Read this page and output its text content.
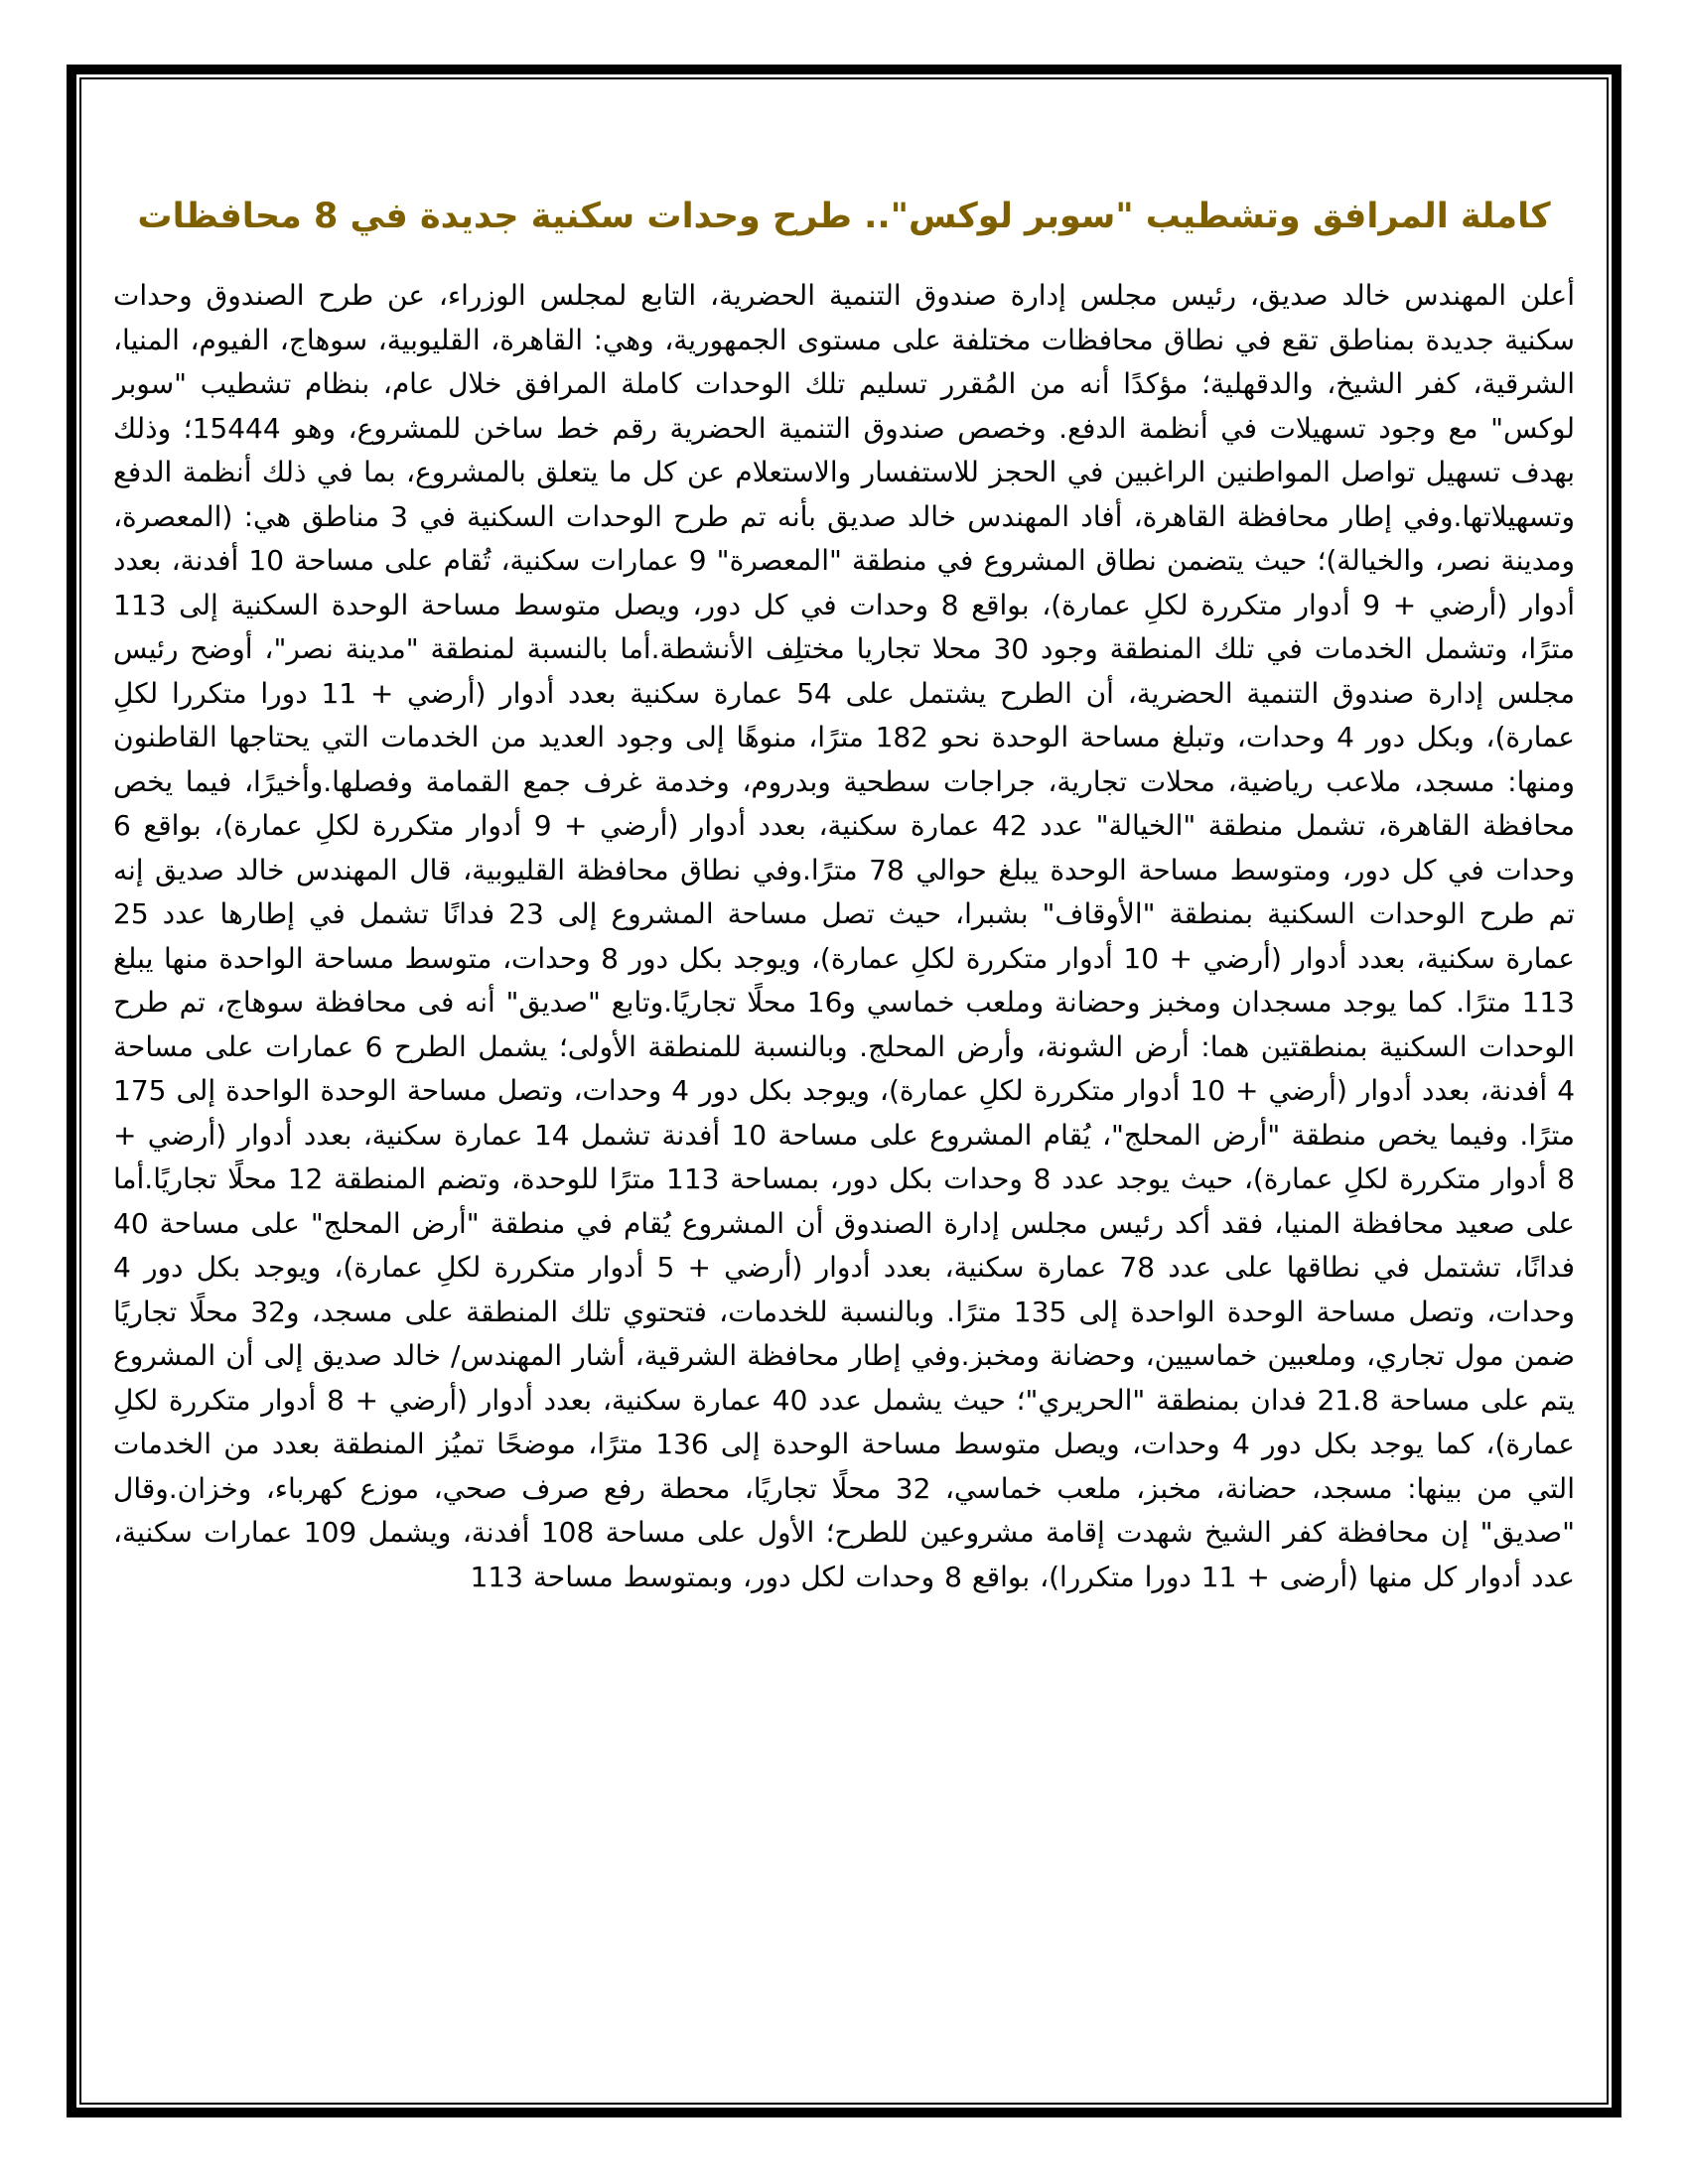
كاملة المرافق وتشطيب "سوبر لوكس".. طرح وحدات سكنية جديدة في 8 محافظات

أعلن المهندس خالد صديق، رئيس مجلس إدارة صندوق التنمية الحضرية، التابع لمجلس الوزراء، عن طرح الصندوق وحدات سكنية جديدة بمناطق تقع في نطاق محافظات مختلفة على مستوى الجمهورية، وهي: القاهرة، القليوبية، سوهاج، الفيوم، المنيا، الشرقية، كفر الشيخ، والدقهلية؛ مؤكدًا أنه من المُقرر تسليم تلك الوحدات كاملة المرافق خلال عام، بنظام تشطيب "سوبر لوكس" مع وجود تسهيلات في أنظمة الدفع. وخصص صندوق التنمية الحضرية رقم خط ساخن للمشروع، وهو 15444؛ وذلك بهدف تسهيل تواصل المواطنين الراغبين في الحجز للاستفسار والاستعلام عن كل ما يتعلق بالمشروع، بما في ذلك أنظمة الدفع وتسهيلاتها.وفي إطار محافظة القاهرة، أفاد المهندس خالد صديق بأنه تم طرح الوحدات السكنية في 3 مناطق هي: (المعصرة، ومدينة نصر، والخيالة)؛ حيث يتضمن نطاق المشروع في منطقة "المعصرة" 9 عمارات سكنية، تُقام على مساحة 10 أفدنة، بعدد أدوار (أرضي + 9 أدوار متكررة لكلِ عمارة)، بواقع 8 وحدات في كل دور، ويصل متوسط مساحة الوحدة السكنية إلى 113 مترًا، وتشمل الخدمات في تلك المنطقة وجود 30 محلا تجاريا مختلِف الأنشطة.أما بالنسبة لمنطقة "مدينة نصر"، أوضح رئيس مجلس إدارة صندوق التنمية الحضرية، أن الطرح يشتمل على 54 عمارة سكنية بعدد أدوار (أرضي + 11 دورا متكررا لكلِ عمارة)، وبكل دور 4 وحدات، وتبلغ مساحة الوحدة نحو 182 مترًا، منوهًا إلى وجود العديد من الخدمات التي يحتاجها القاطنون ومنها: مسجد، ملاعب رياضية، محلات تجارية، جراجات سطحية وبدروم، وخدمة غرف جمع القمامة وفصلها.وأخيرًا، فيما يخص محافظة القاهرة، تشمل منطقة "الخيالة" عدد 42 عمارة سكنية، بعدد أدوار (أرضي + 9 أدوار متكررة لكلِ عمارة)، بواقع 6 وحدات في كل دور، ومتوسط مساحة الوحدة يبلغ حوالي 78 مترًا.وفي نطاق محافظة القليوبية، قال المهندس خالد صديق إنه تم طرح الوحدات السكنية بمنطقة "الأوقاف" بشبرا، حيث تصل مساحة المشروع إلى 23 فدانًا تشمل في إطارها عدد 25 عمارة سكنية، بعدد أدوار (أرضي + 10 أدوار متكررة لكلِ عمارة)، ويوجد بكل دور 8 وحدات، متوسط مساحة الواحدة منها يبلغ 113 مترًا. كما يوجد مسجدان ومخبز وحضانة وملعب خماسي و16 محلًا تجاريًا.وتابع "صديق" أنه فى محافظة سوهاج، تم طرح الوحدات السكنية بمنطقتين هما: أرض الشونة، وأرض المحلج. وبالنسبة للمنطقة الأولى؛ يشمل الطرح 6 عمارات على مساحة 4 أفدنة، بعدد أدوار (أرضي + 10 أدوار متكررة لكلِ عمارة)، ويوجد بكل دور 4 وحدات، وتصل مساحة الوحدة الواحدة إلى 175 مترًا. وفيما يخص منطقة "أرض المحلج"، يُقام المشروع على مساحة 10 أفدنة تشمل 14 عمارة سكنية، بعدد أدوار (أرضي + 8 أدوار متكررة لكلِ عمارة)، حيث يوجد عدد 8 وحدات بكل دور، بمساحة 113 مترًا للوحدة، وتضم المنطقة 12 محلًا تجاريًا.أما على صعيد محافظة المنيا، فقد أكد رئيس مجلس إدارة الصندوق أن المشروع يُقام في منطقة "أرض المحلج" على مساحة 40 فدانًا، تشتمل في نطاقها على عدد 78 عمارة سكنية، بعدد أدوار (أرضي + 5 أدوار متكررة لكلِ عمارة)، ويوجد بكل دور 4 وحدات، وتصل مساحة الوحدة الواحدة إلى 135 مترًا. وبالنسبة للخدمات، فتحتوي تلك المنطقة على مسجد، و32 محلًا تجاريًا ضمن مول تجاري، وملعبين خماسيين، وحضانة ومخبز.وفي إطار محافظة الشرقية، أشار المهندس/ خالد صديق إلى أن المشروع يتم على مساحة 21.8 فدان بمنطقة "الحريري"؛ حيث يشمل عدد 40 عمارة سكنية، بعدد أدوار (أرضي + 8 أدوار متكررة لكلِ عمارة)، كما يوجد بكل دور 4 وحدات، ويصل متوسط مساحة الوحدة إلى 136 مترًا، موضحًا تميُز المنطقة بعدد من الخدمات التي من بينها: مسجد، حضانة، مخبز، ملعب خماسي، 32 محلًا تجاريًا، محطة رفع صرف صحي، موزع كهرباء، وخزان.وقال "صديق" إن محافظة كفر الشيخ شهدت إقامة مشروعين للطرح؛ الأول على مساحة 108 أفدنة، ويشمل 109 عمارات سكنية، عدد أدوار كل منها (أرضى + 11 دورا متكررا)، بواقع 8 وحدات لكل دور، وبمتوسط مساحة 113
